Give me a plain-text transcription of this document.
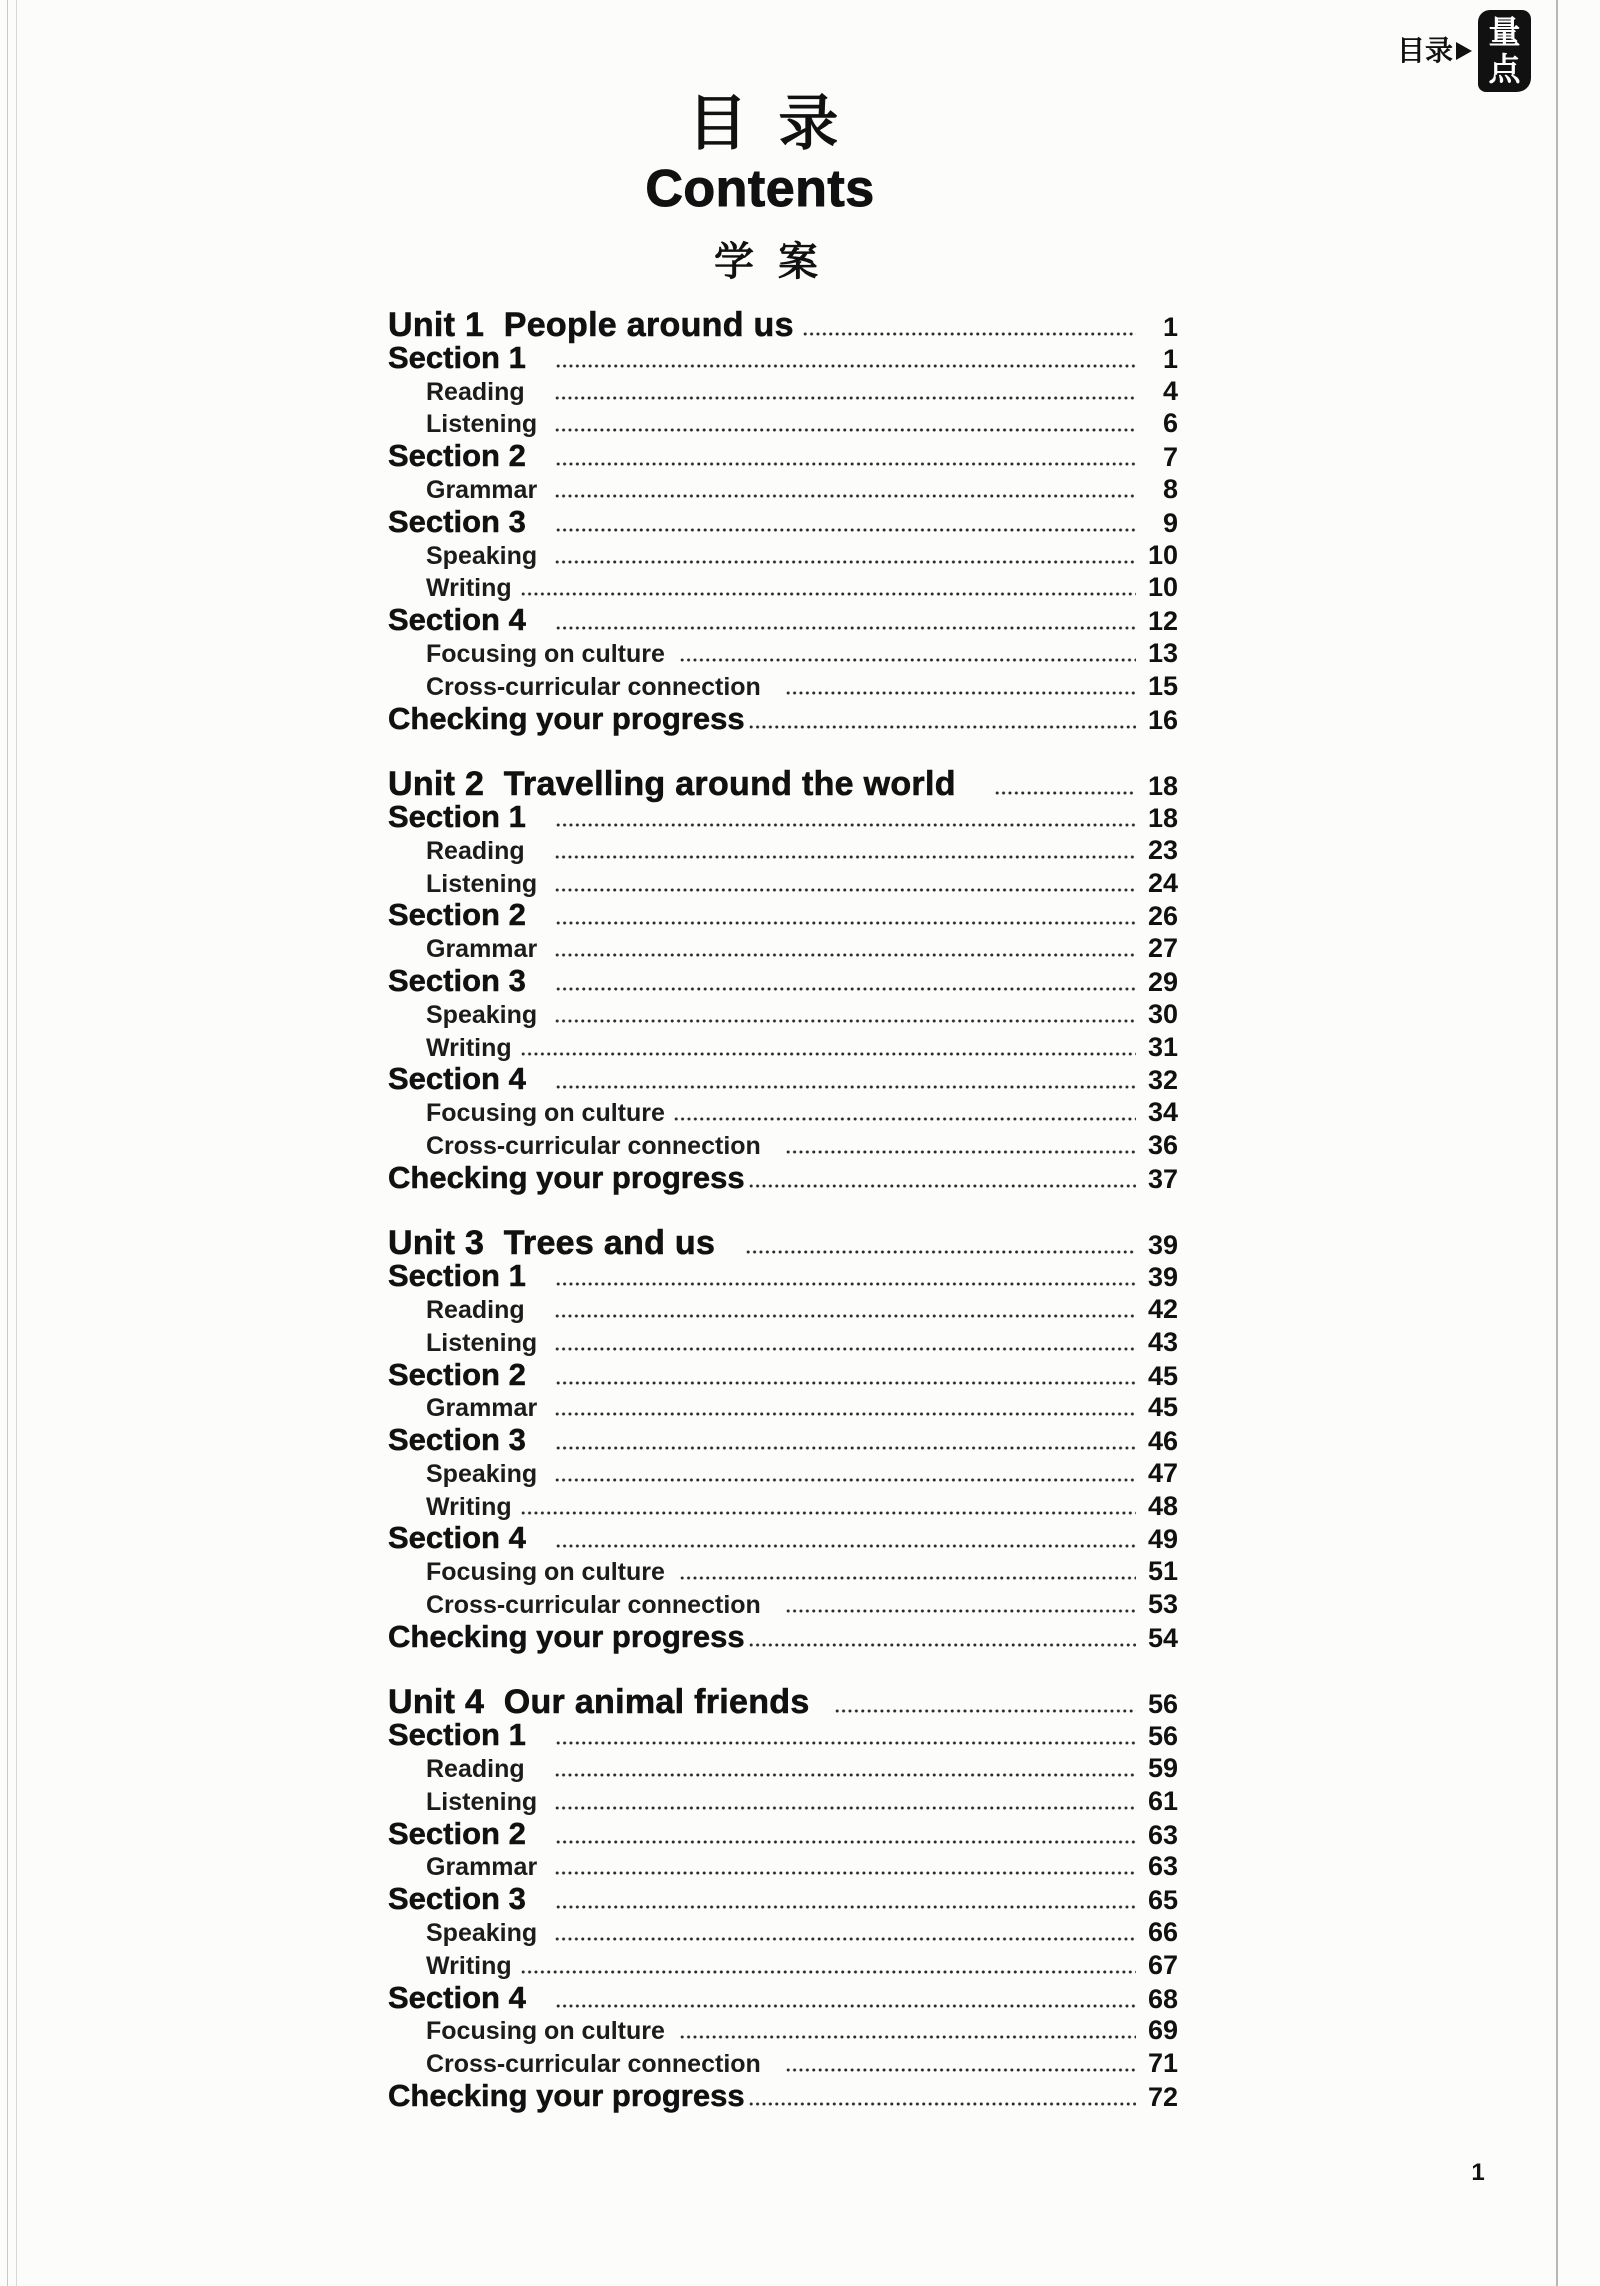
目录 量
点
目 录
Contents
学 案
Unit 1  People around us	1
Section 1	1
Reading	4
Listening	6
Section 2	7
Grammar	8
Section 3	9
Speaking	10
Writing	10
Section 4	12
Focusing on culture	13
Cross-curricular connection	15
Checking your progress	16
Unit 2  Travelling around the world	18
Section 1	18
Reading	23
Listening	24
Section 2	26
Grammar	27
Section 3	29
Speaking	30
Writing	31
Section 4	32
Focusing on culture	34
Cross-curricular connection	36
Checking your progress	37
Unit 3  Trees and us	39
Section 1	39
Reading	42
Listening	43
Section 2	45
Grammar	45
Section 3	46
Speaking	47
Writing	48
Section 4	49
Focusing on culture	51
Cross-curricular connection	53
Checking your progress	54
Unit 4  Our animal friends	56
Section 1	56
Reading	59
Listening	61
Section 2	63
Grammar	63
Section 3	65
Speaking	66
Writing	67
Section 4	68
Focusing on culture	69
Cross-curricular connection	71
Checking your progress	72
1
